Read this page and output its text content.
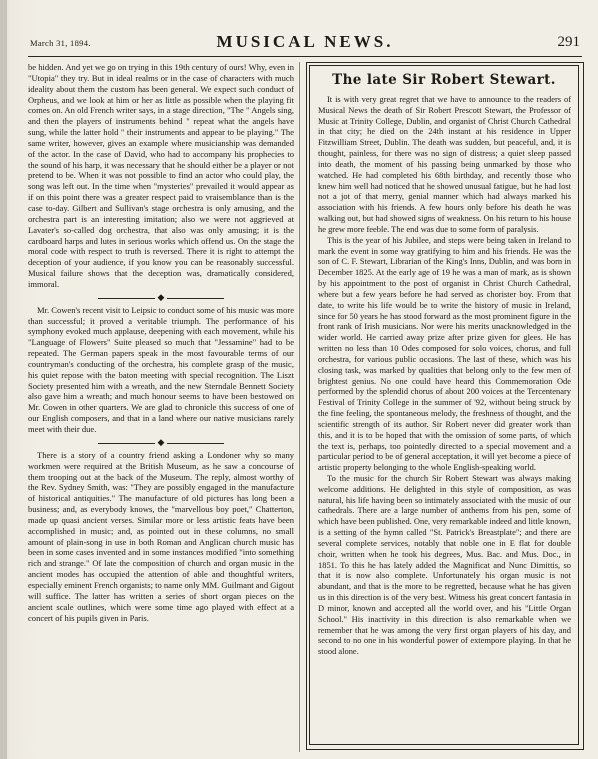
March 31, 1894.	MUSICAL NEWS.	291

be hidden. And yet we go on trying in this 19th century of ours! Why, even in "Utopia" they try. But in ideal realms or in the case of characters with much ideality about them the custom has been general. We expect such conduct of Orpheus, and we look at him or her as little as possible when the playing fit comes on. An old French writer says, in a stage direction, "The " Angels sing, and then the players of instruments behind " repeat what the angels have sung, while the latter hold " their instruments and appear to be playing." The same writer, however, gives an example where musicianship was demanded of the actor. In the case of David, who had to accompany his prophecies to the sound of his harp, it was necessary that he should either be a player or not pretend to be. When it was not possible to find an actor who could play, the song was left out. In the time when "mysteries" prevailed it would appear as if on this point there was a greater respect paid to vraisemblance than is the case to-day. Gilbert and Sullivan's stage orchestra is only amusing, and the orchestra part is an interesting imitation; also we were not aggrieved at Lavater's so-called dog orchestra, that also was only amusing; it is the cardboard harps and lutes in serious works which offend us. On the stage the moral code with respect to truth is reversed. There it is right to attempt the deception of your audience, if you know you can be reasonably successful. Musical failure shows that the deception was, dramatically considered, immoral.

◆

Mr. Cowen's recent visit to Leipsic to conduct some of his music was more than successful; it proved a veritable triumph. The performance of his symphony evoked much applause, deepening with each movement, while his "Language of Flowers" Suite pleased so much that "Jessamine" had to be repeated. The German papers speak in the most favourable terms of our countryman's conducting of the orchestra, his complete grasp of the music, his quiet repose with the baton meeting with special recognition. The Liszt Society presented him with a wreath, and the new Sterndale Bennett Society also gave him a wreath; and much honour seems to have been bestowed on Mr. Cowen in other quarters. We are glad to chronicle this success of one of our English composers, and that in a land where our native musicians rarely meet with their due.

◆

There is a story of a country friend asking a Londoner why so many workmen were required at the British Museum, as he saw a concourse of them trooping out at the back of the Museum. The reply, almost worthy of the Rev. Sydney Smith, was: "They are possibly engaged in the manufacture of historical antiquities." The manufacture of old pictures has long been a business; and, as everybody knows, the "marvellous boy poet," Chatterton, made up quasi ancient verses. Similar more or less artistic feats have been accomplished in music; and, as pointed out in these columns, no small amount of plain-song in use in both Roman and Anglican church music has been in some cases invented and in some instances modified "into something rich and strange." Of late the composition of church and organ music in the ancient modes has occupied the attention of able and thoughtful writers, especially eminent French organists; to name only MM. Guilmant and Gigout will suffice. The latter has written a series of short organ pieces on the ancient scale outlines, which were some time ago played with effect at a concert of his pupils given in Paris.

The late Sir Robert Stewart.

It is with very great regret that we have to announce to the readers of Musical News the death of Sir Robert Prescott Stewart, the Professor of Music at Trinity College, Dublin, and organist of Christ Church Cathedral in that city; he died on the 24th instant at his residence in Upper Fitzwilliam Street, Dublin. The death was sudden, but peaceful, and, it is thought, painless, for there was no sign of distress; a quiet sleep passed into death, the moment of his passing being unmarked by those who watched. He had completed his 68th birthday, and recently those who knew him well had noticed that he showed unusual fatigue, but he had lost not a jot of that merry, genial manner which had always marked his association with his friends. A few hours only before his death he was walking out, but had showed signs of weakness. On his return to his house he grew more feeble. The end was due to some form of paralysis.

This is the year of his Jubilee, and steps were being taken in Ireland to mark the event in some way gratifying to him and his friends. He was the son of C. F. Stewart, Librarian of the King's Inns, Dublin, and was born in December 1825. At the early age of 19 he was a man of mark, as is shown by his appointment to the post of organist in Christ Church Cathedral, where but a few years before he had served as chorister boy. From that date, to write his life would be to write the history of music in Ireland, since for 50 years he has stood forward as the most prominent figure in the front rank of Irish musicians. Nor were his merits unacknowledged in the wider world. He carried away prize after prize given for glees. He has written no less than 10 Odes composed for solo voices, chorus, and full orchestra, for various public occasions. The last of these, which was his closing task, was marked by qualities that belong only to the few men of brightest genius. No one could have heard this Commemoration Ode performed by the splendid chorus of about 200 voices at the Tercentenary Festival of Trinity College in the summer of '92, without being struck by the fine feeling, the spontaneous melody, the freshness of thought, and the scientific strength of its author. Sir Robert never did greater work than this, and it is to be hoped that with the omission of some parts, of which the text is, perhaps, too pointedly directed to a special movement and a particular period to be of general acceptation, it will yet become a piece of artistic property belonging to the whole English-speaking world.

To the music for the church Sir Robert Stewart was always making welcome additions. He delighted in this style of composition, as was natural, his life having been so intimately associated with the music of our cathedrals. There are a large number of anthems from his pen, some of which have been published. One, very remarkable indeed and little known, is a setting of the hymn called "St. Patrick's Breastplate"; and there are several complete services, notably that noble one in E flat for double choir, written when he took his degrees, Mus. Bac. and Mus. Doc., in 1851. To this he has lately added the Magnificat and Nunc Dimittis, so that it is now also complete. Unfortunately his organ music is not abundant, and that is the more to be regretted, because what he has given us in this direction is of the very best. Witness his great concert fantasia in D minor, known and accepted all the world over, and his "Little Organ School." His inactivity in this direction is also remarkable when we remember that he was among the very first organ players of his day, and second to no one in his wonderful power of extempore playing. In that he stood alone.
